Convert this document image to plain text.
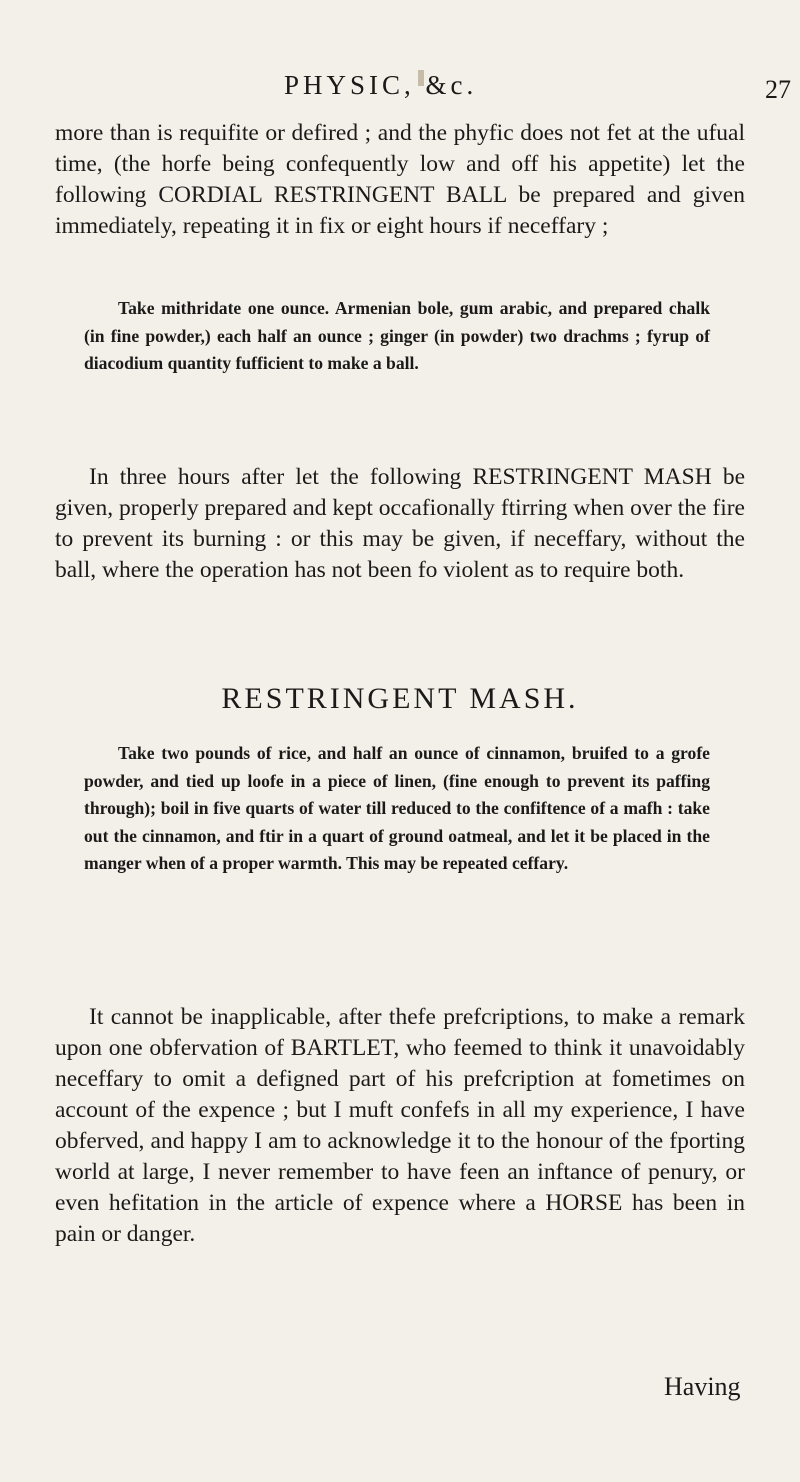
PHYSIC, &c.	27

more than is requifite or defired ; and the phyfic does not fet at the ufual time, (the horfe being confequently low and off his appetite) let the following CORDIAL RESTRINGENT BALL be prepared and given immediately, repeating it in fix or eight hours if neceffary ;

Take mithridate one ounce. Armenian bole, gum arabic, and prepared chalk (in fine powder,) each half an ounce ; ginger (in powder) two drachms ; fyrup of diacodium quantity fufficient to make a ball.

In three hours after let the following RESTRINGENT MASH be given, properly prepared and kept occafionally ftirring when over the fire to prevent its burning : or this may be given, if neceffary, without the ball, where the operation has not been fo violent as to require both.

RESTRINGENT MASH.

Take two pounds of rice, and half an ounce of cinnamon, bruifed to a grofe powder, and tied up loofe in a piece of linen, (fine enough to prevent its paffing through); boil in five quarts of water till reduced to the confiftence of a mafh : take out the cinnamon, and ftir in a quart of ground oatmeal, and let it be placed in the manger when of a proper warmth. This may be repeated ceffary.

It cannot be inapplicable, after thefe prefcriptions, to make a remark upon one obfervation of BARTLET, who feemed to think it unavoidably neceffary to omit a defigned part of his prefcription at fometimes on account of the expence ; but I muft confefs in all my experience, I have obferved, and happy I am to acknowledge it to the honour of the fporting world at large, I never remember to have feen an inftance of penury, or even hefitation in the article of expence where a HORSE has been in pain or danger.

Having
